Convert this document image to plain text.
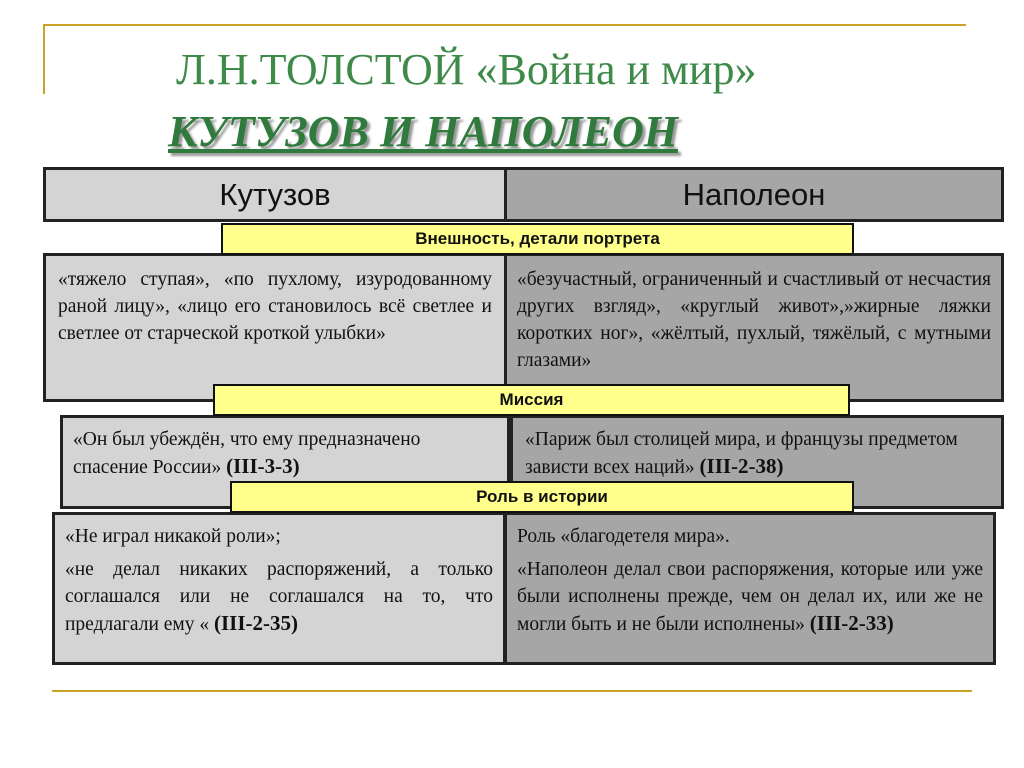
Л.Н.ТОЛСТОЙ «Война и мир»
КУТУЗОВ И НАПОЛЕОН
Кутузов	Наполеон

«тяжело ступая», «по пухлому, изуродованному раной лицу», «лицо его становилось всё светлее и светлее от старческой кроткой улыбки»

«безучастный, ограниченный и счастливый от несчастия других взгляд», «круглый живот»,»жирные ляжки коротких ног», «жёлтый, пухлый, тяжёлый, с мутными глазами»

Внешность, детали портрета

«Он был убеждён, что ему предназначено спасение России» (III-3-3)

«Париж был столицей мира, и французы предметом зависти всех наций» (III-2-38)

Миссия

«Не играл никакой роли»;

«не делал никаких распоряжений, а только соглашался или не соглашался на то, что предлагали ему « (III-2-35)

Роль «благодетеля мира».

«Наполеон делал свои распоряжения, которые или уже были исполнены прежде, чем он делал их, или же не могли быть и не были исполнены» (III-2-33)

Роль в истории
